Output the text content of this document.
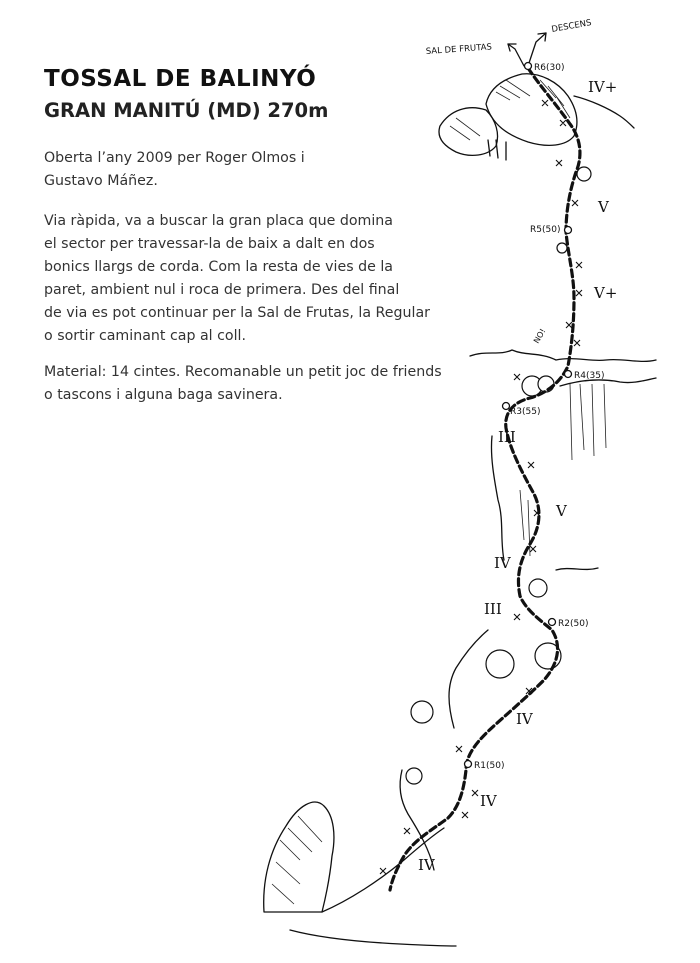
TOSSAL DE BALINYÓ
GRAN MANITÚ (MD) 270m
Oberta l’any 2009 per Roger Olmos i
Gustavo Máñez.
Via ràpida, va a buscar la gran placa que domina
el sector per travessar-la de baix a dalt en dos
bonics llargs de corda. Com la resta de vies de la
paret, ambient nul i roca de primera. Des del final
de via es pot continuar per la Sal de Frutas, la Regular
o sortir caminant cap al coll.
Material: 14 cintes. Recomanable un petit joc de friends
o tascons i alguna baga savinera.
SAL DE FRUTAS
DESCENS
R6(30)
R5(50)
R4(35)
R3(55)
R2(50)
R1(50)
NO!
IV+
V
V+
III
V
IV
III
IV
IV
IV
